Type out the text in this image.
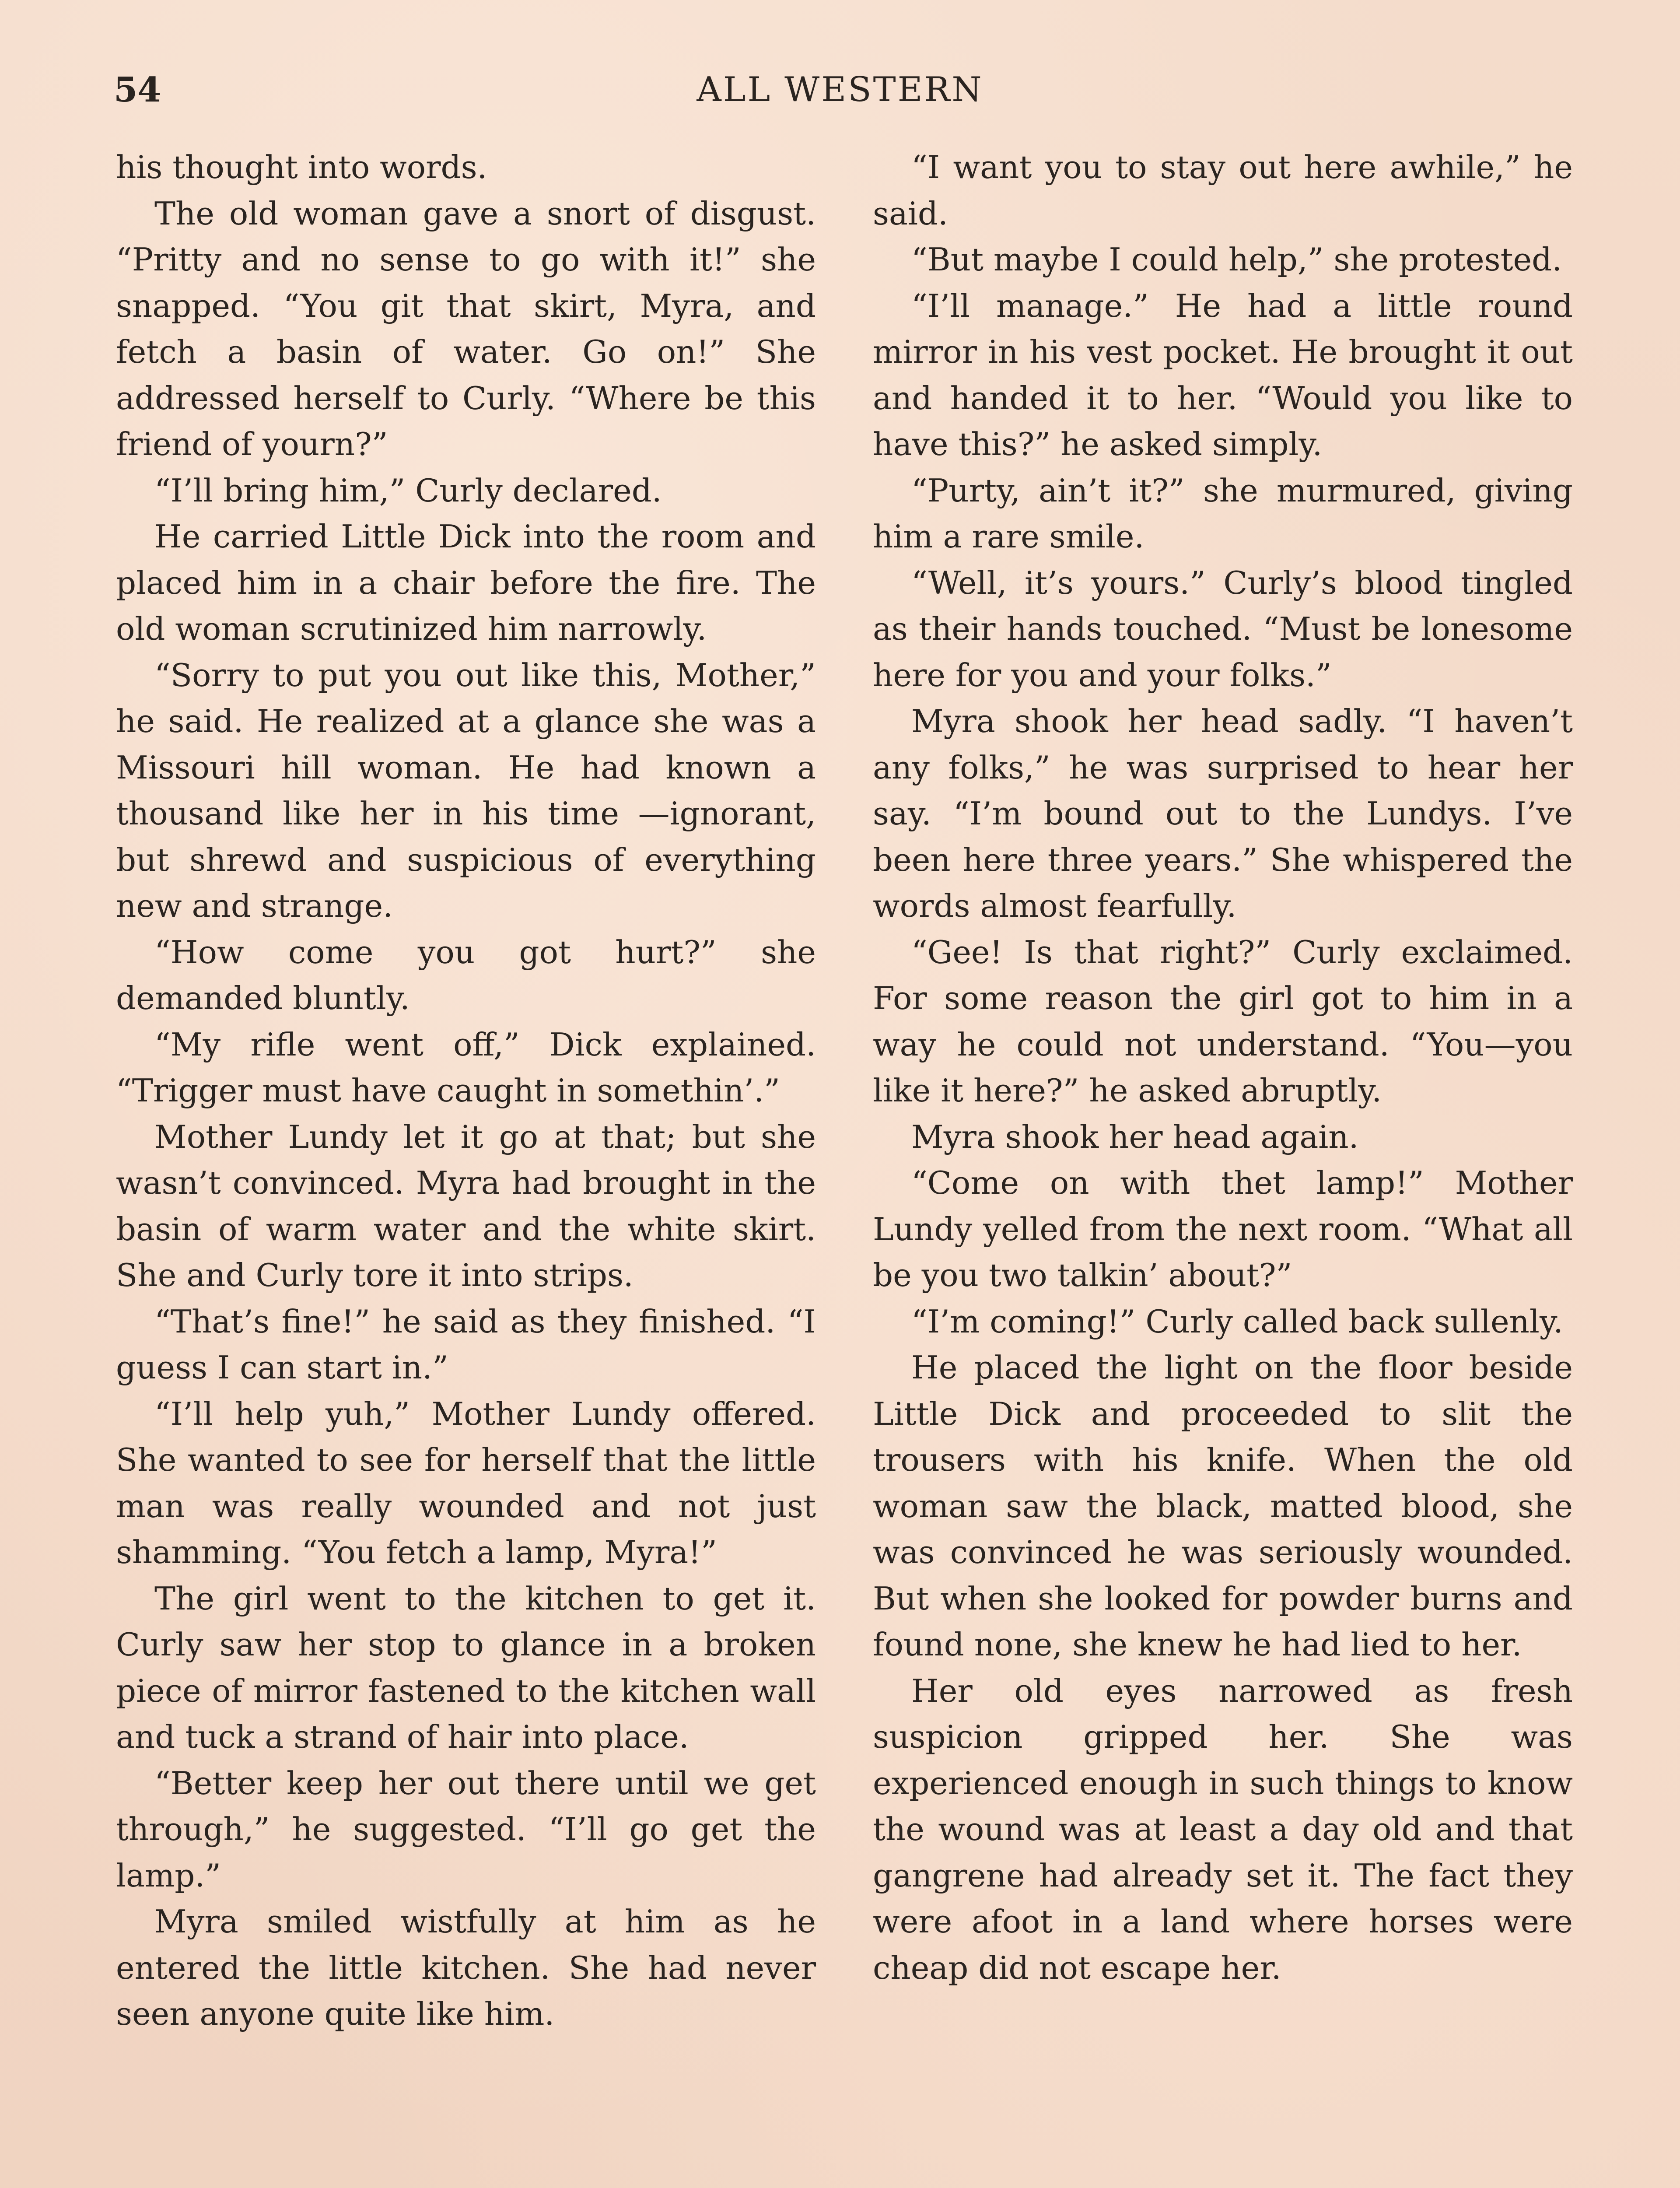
54	ALL WESTERN

his thought into words.

The old woman gave a snort of disgust. “Pritty and no sense to go with it!” she snapped. “You git that skirt, Myra, and fetch a basin of water. Go on!” She addressed herself to Curly. “Where be this friend of yourn?”

“I’ll bring him,” Curly declared.

He carried Little Dick into the room and placed him in a chair before the fire. The old woman scrutinized him narrowly.

“Sorry to put you out like this, Mother,” he said. He realized at a glance she was a Missouri hill woman. He had known a thousand like her in his time —ignorant, but shrewd and suspicious of everything new and strange.

“How come you got hurt?” she demanded bluntly.

“My rifle went off,” Dick explained. “Trigger must have caught in somethin’.”

Mother Lundy let it go at that; but she wasn’t convinced. Myra had brought in the basin of warm water and the white skirt. She and Curly tore it into strips.

“That’s fine!” he said as they finished. “I guess I can start in.”

“I’ll help yuh,” Mother Lundy offered. She wanted to see for herself that the little man was really wounded and not just shamming. “You fetch a lamp, Myra!”

The girl went to the kitchen to get it. Curly saw her stop to glance in a broken piece of mirror fastened to the kitchen wall and tuck a strand of hair into place.

“Better keep her out there until we get through,” he suggested. “I’ll go get the lamp.”

Myra smiled wistfully at him as he entered the little kitchen. She had never seen anyone quite like him.

“I want you to stay out here awhile,” he said.

“But maybe I could help,” she protested.

“I’ll manage.” He had a little round mirror in his vest pocket. He brought it out and handed it to her. “Would you like to have this?” he asked simply.

“Purty, ain’t it?” she murmured, giving him a rare smile.

“Well, it’s yours.” Curly’s blood tingled as their hands touched. “Must be lonesome here for you and your folks.”

Myra shook her head sadly. “I haven’t any folks,” he was surprised to hear her say. “I’m bound out to the Lundys. I’ve been here three years.” She whispered the words almost fearfully.

“Gee! Is that right?” Curly exclaimed. For some reason the girl got to him in a way he could not understand. “You—you like it here?” he asked abruptly.

Myra shook her head again.

“Come on with thet lamp!” Mother Lundy yelled from the next room. “What all be you two talkin’ about?”

“I’m coming!” Curly called back sullenly.

He placed the light on the floor beside Little Dick and proceeded to slit the trousers with his knife. When the old woman saw the black, matted blood, she was convinced he was seriously wounded. But when she looked for powder burns and found none, she knew he had lied to her.

Her old eyes narrowed as fresh suspicion gripped her. She was experienced enough in such things to know the wound was at least a day old and that gangrene had already set it. The fact they were afoot in a land where horses were cheap did not escape her.
